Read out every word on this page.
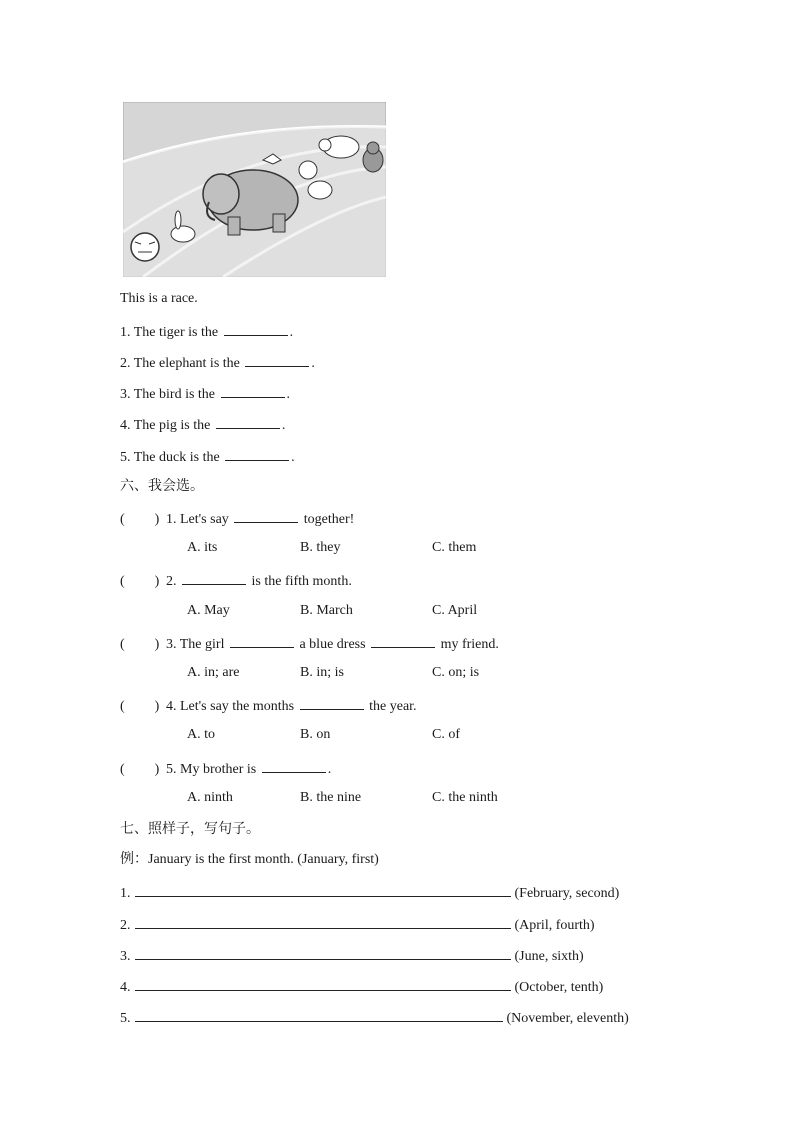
This is a race.
1. The tiger is the	.
2. The elephant is the	.
3. The bird is the	.
4. The pig is the	.
5. The duck is the	.
六、我会选。
( ) 1. Let's say	together!
A. its	B. they	C. them
( ) 2.	is the fifth month.
A. May	B. March	C. April
( ) 3. The girl	a blue dress	my friend.
A. in; are	B. in; is	C. on; is
( ) 4. Let's say the months	the year.
A. to	B. on	C. of
( ) 5. My brother is	.
A. ninth	B. the nine	C. the ninth
七、照样子，写句子。
例：January is the first month. (January, first)
1.	(February, second)
2.	(April, fourth)
3.	(June, sixth)
4.	(October, tenth)
5.	(November, eleventh)
